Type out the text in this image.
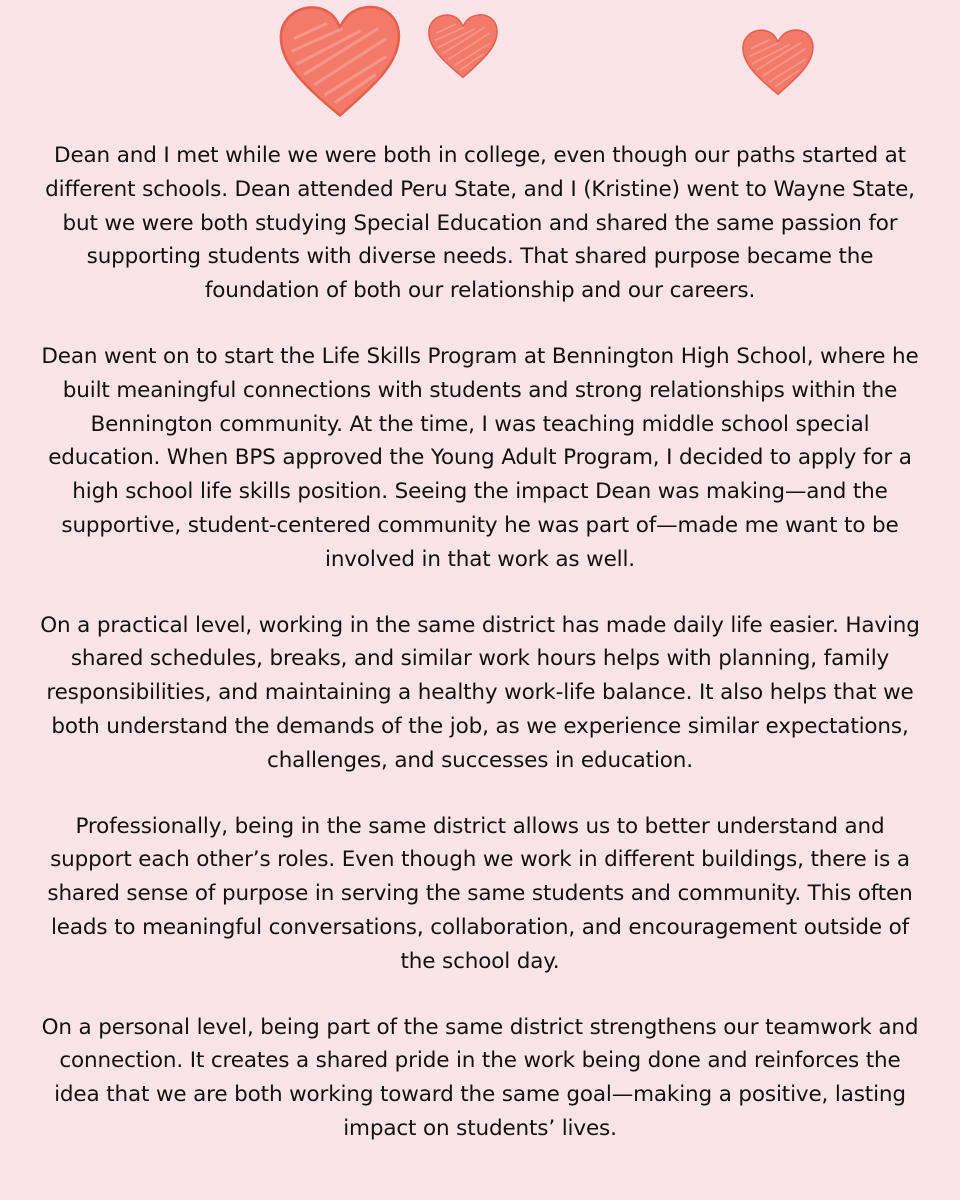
Dean and I met while we were both in college, even though our paths started at different schools. Dean attended Peru State, and I (Kristine) went to Wayne State, but we were both studying Special Education and shared the same passion for supporting students with diverse needs. That shared purpose became the foundation of both our relationship and our careers.

Dean went on to start the Life Skills Program at Bennington High School, where he built meaningful connections with students and strong relationships within the Bennington community. At the time, I was teaching middle school special education. When BPS approved the Young Adult Program, I decided to apply for a high school life skills position. Seeing the impact Dean was making—and the supportive, student-centered community he was part of—made me want to be involved in that work as well.

On a practical level, working in the same district has made daily life easier. Having shared schedules, breaks, and similar work hours helps with planning, family responsibilities, and maintaining a healthy work-life balance. It also helps that we both understand the demands of the job, as we experience similar expectations, challenges, and successes in education.

Professionally, being in the same district allows us to better understand and support each other’s roles. Even though we work in different buildings, there is a shared sense of purpose in serving the same students and community. This often leads to meaningful conversations, collaboration, and encouragement outside of the school day.

On a personal level, being part of the same district strengthens our teamwork and connection. It creates a shared pride in the work being done and reinforces the idea that we are both working toward the same goal—making a positive, lasting impact on students’ lives.
